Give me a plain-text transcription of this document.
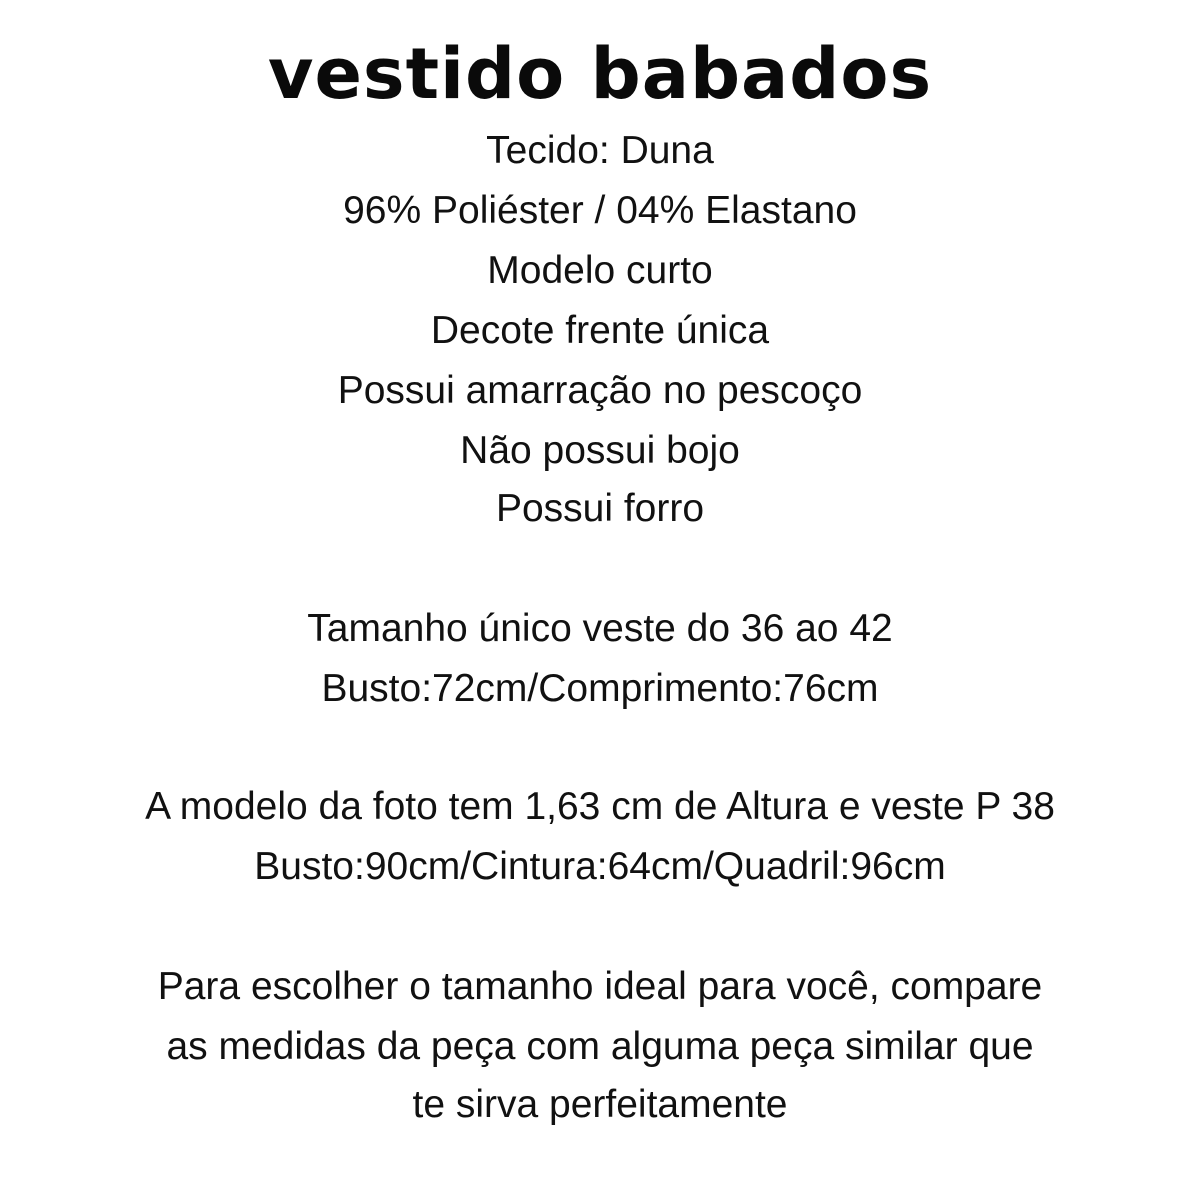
vestido babados

Tecido: Duna

96% Poliéster / 04% Elastano

Modelo curto

Decote frente única

Possui amarração no pescoço

Não possui bojo

Possui forro

Tamanho único veste do 36 ao 42

Busto:72cm/Comprimento:76cm

A modelo da foto tem 1,63 cm de Altura e veste P 38

Busto:90cm/Cintura:64cm/Quadril:96cm

Para escolher o tamanho ideal para você, compare

as medidas da peça com alguma peça similar que

te sirva perfeitamente
